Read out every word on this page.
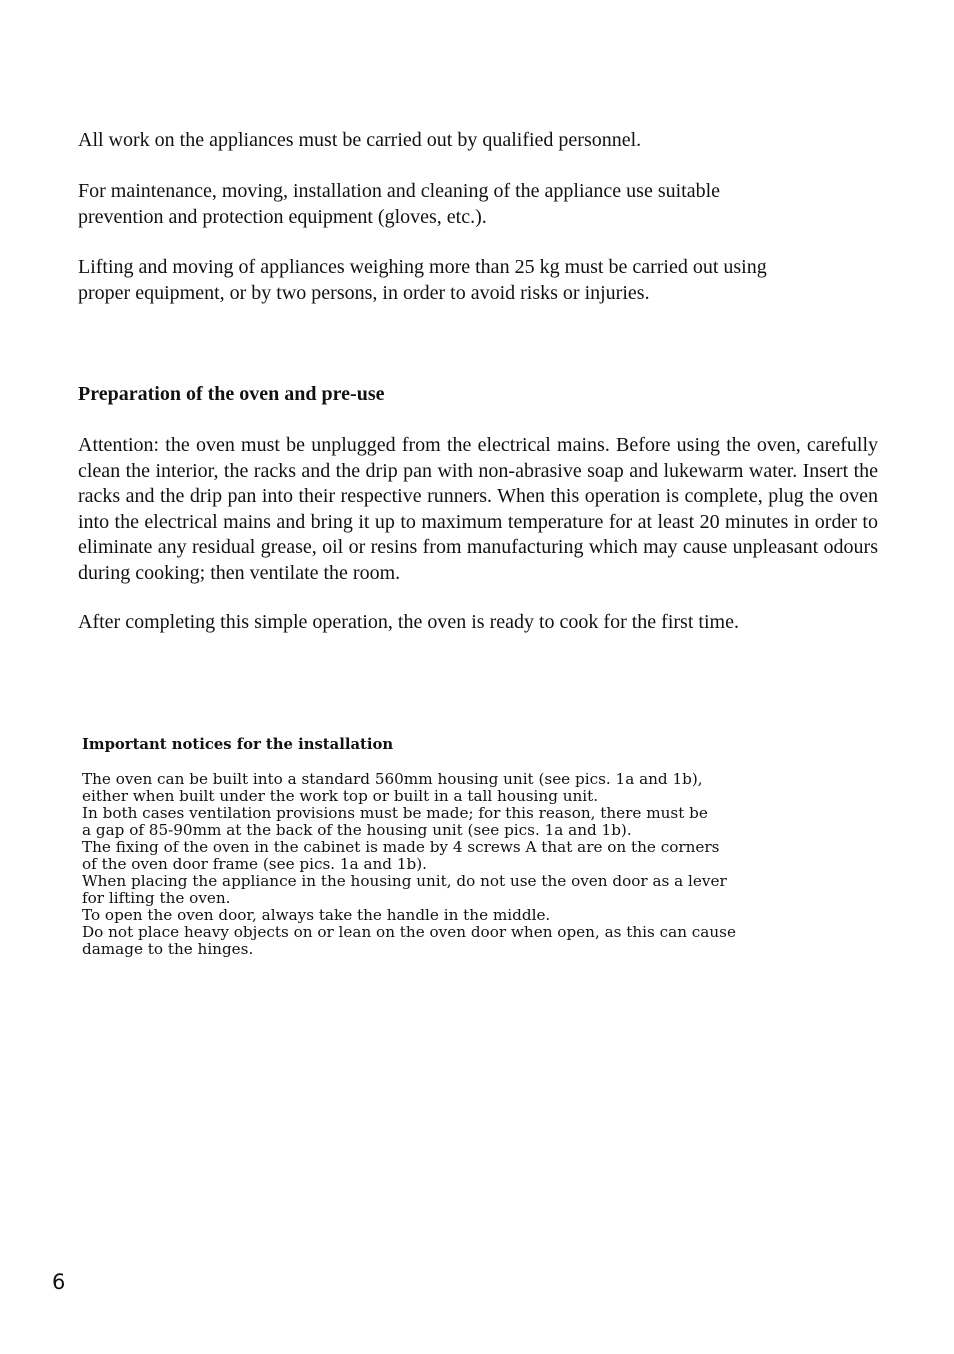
All work on the appliances must be carried out by qualified personnel.

For maintenance, moving, installation and cleaning of the appliance use suitable
prevention and protection equipment (gloves, etc.).

Lifting and moving of appliances weighing more than 25 kg must be carried out using
proper equipment, or by two persons, in order to avoid risks or injuries.

Preparation of the oven and pre-use

Attention: the oven must be unplugged from the electrical mains. Before using the oven, carefully clean the interior, the racks and the drip pan with non-abrasive soap and lukewarm water. Insert the racks and the drip pan into their respective runners. When this operation is complete, plug the oven into the electrical mains and bring it up to maximum temperature for at least 20 minutes in order to eliminate any residual grease, oil or resins from manufacturing which may cause unpleasant odours during cooking; then ventilate the room.

After completing this simple operation, the oven is ready to cook for the first time.

Important notices for the installation
The oven can be built into a standard 560mm housing unit (see pics. 1a and 1b),
either when built under the work top or built in a tall housing unit.
In both cases ventilation provisions must be made; for this reason, there must be
a gap of 85-90mm at the back of the housing unit (see pics. 1a and 1b).
The fixing of the oven in the cabinet is made by 4 screws A that are on the corners
of the oven door frame (see pics. 1a and 1b).
When placing the appliance in the housing unit, do not use the oven door as a lever
for lifting the oven.
To open the oven door, always take the handle in the middle.
Do not place heavy objects on or lean on the oven door when open, as this can cause
damage to the hinges.
6
